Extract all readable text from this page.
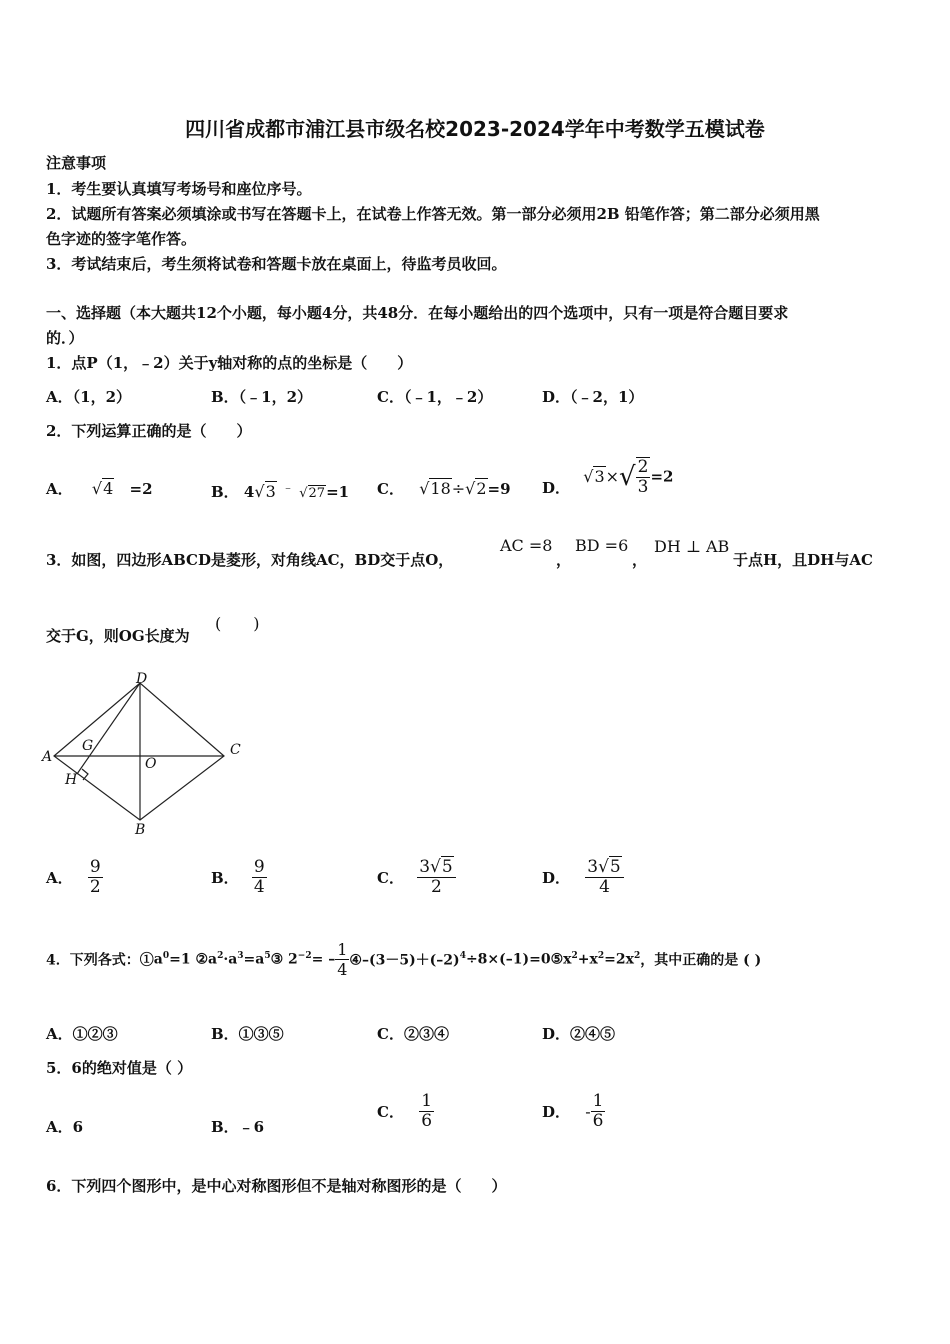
四川省成都市浦江县市级名校2023-2024学年中考数学五模试卷
注意事项
1．考生要认真填写考场号和座位序号。
2．试题所有答案必须填涂或书写在答题卡上，在试卷上作答无效。第一部分必须用2B 铅笔作答；第二部分必须用黑
色字迹的签字笔作答。
3．考试结束后，考生须将试卷和答题卡放在桌面上，待监考员收回。
一、选择题（本大题共12个小题，每小题4分，共48分．在每小题给出的四个选项中，只有一项是符合题目要求
的．）
1．点P（1，﹣2）关于y轴对称的点的坐标是（　　）
A．（1，2）	B．（﹣1，2）	C．（﹣1，﹣2）	D．（﹣2，1）
2．下列运算正确的是（　　）
A． √4 =2	B． 4√3 ﹣ √27=1 C． √18÷√2=9 D． $√3\times√ \frac{2}{3} =2$
3．如图，四边形ABCD是菱形，对角线AC，BD交于点O，
AC =8
，
BD =6
，
DH ⊥ AB
于点H，且DH与AC
交于G，则OG长度为
(　　)
A
B
C
D
G
H
O
A． $\frac{9}{2}$	B． $\frac{9}{4}$	C． $\frac{3√5}{2}$	D． $\frac{3√5}{4}$
4．下列各式：$①a^0=1$ $②a^2\cdot a^3=a^5③$ $2^{-2}= - \frac{1}{4}$ $④-(3-5)+(-2)^4\div 8\times(-1)=0⑤x^2+x^2=2x^2$，其中正确的是 ( )
A．①②③	B．①③⑤	C．②③④	D．②④⑤
5．6的绝对值是（ ）
A．6	B．﹣6
C． $\frac{1}{6}$	D． - $\frac{1}{6}$
6．下列四个图形中，是中心对称图形但不是轴对称图形的是（　　）
